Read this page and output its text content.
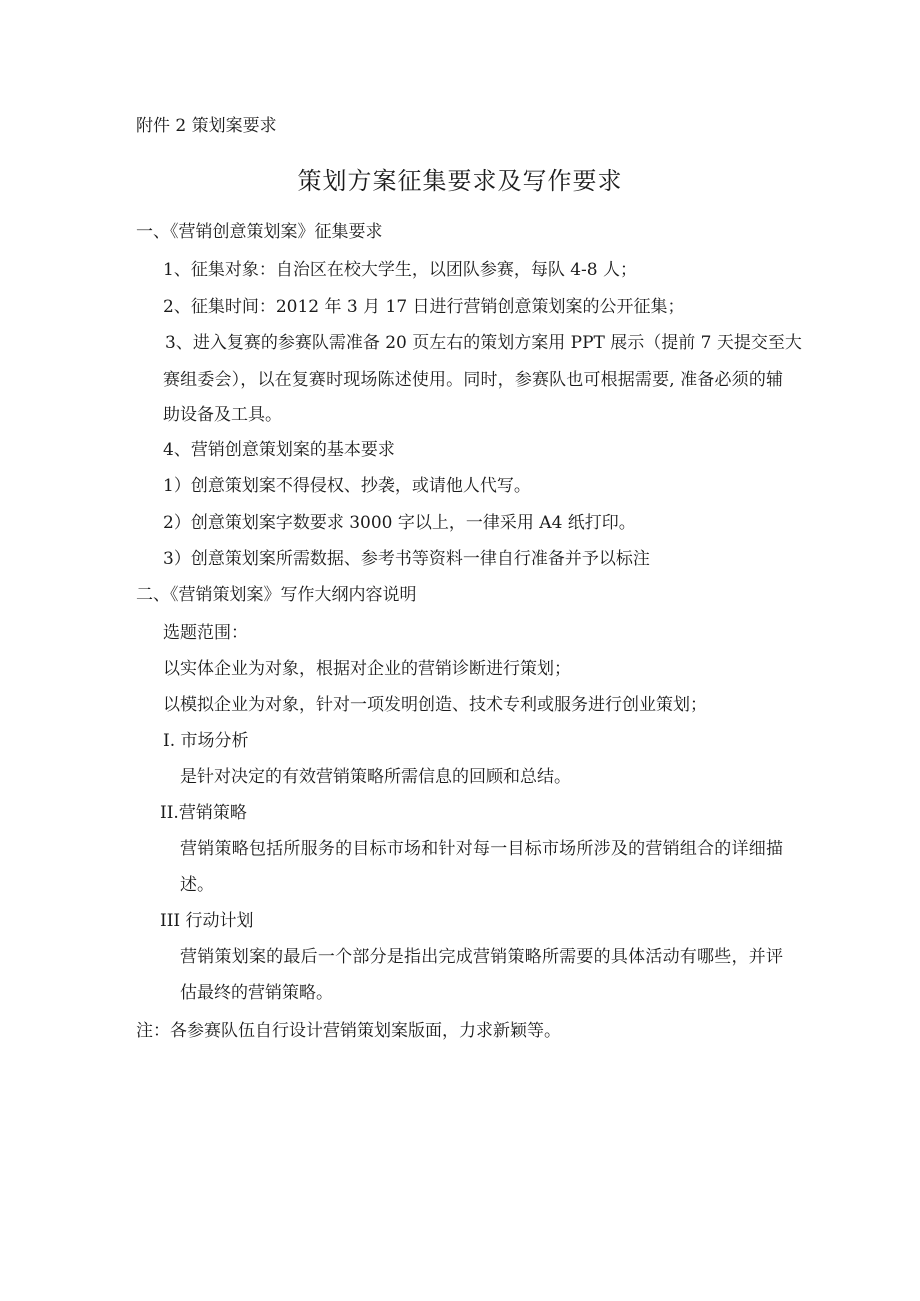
附件 2 策划案要求
策划方案征集要求及写作要求
一、《营销创意策划案》征集要求
1、征集对象：自治区在校大学生，以团队参赛，每队 4-8 人；
2、征集时间：2012 年 3 月 17 日进行营销创意策划案的公开征集；
3、进入复赛的参赛队需准备 20 页左右的策划方案用 PPT 展示（提前 7 天提交至大
赛组委会），以在复赛时现场陈述使用。同时，参赛队也可根据需要, 准备必须的辅
助设备及工具。
4、营销创意策划案的基本要求
1）创意策划案不得侵权、抄袭，或请他人代写。
2）创意策划案字数要求 3000 字以上，一律采用 A4 纸打印。
3）创意策划案所需数据、参考书等资料一律自行准备并予以标注
二、《营销策划案》写作大纲内容说明
选题范围：
以实体企业为对象，根据对企业的营销诊断进行策划；
以模拟企业为对象，针对一项发明创造、技术专利或服务进行创业策划；
I. 市场分析
是针对决定的有效营销策略所需信息的回顾和总结。
II.营销策略
营销策略包括所服务的目标市场和针对每一目标市场所涉及的营销组合的详细描
述。
III 行动计划
营销策划案的最后一个部分是指出完成营销策略所需要的具体活动有哪些，并评
估最终的营销策略。
注：各参赛队伍自行设计营销策划案版面，力求新颖等。
